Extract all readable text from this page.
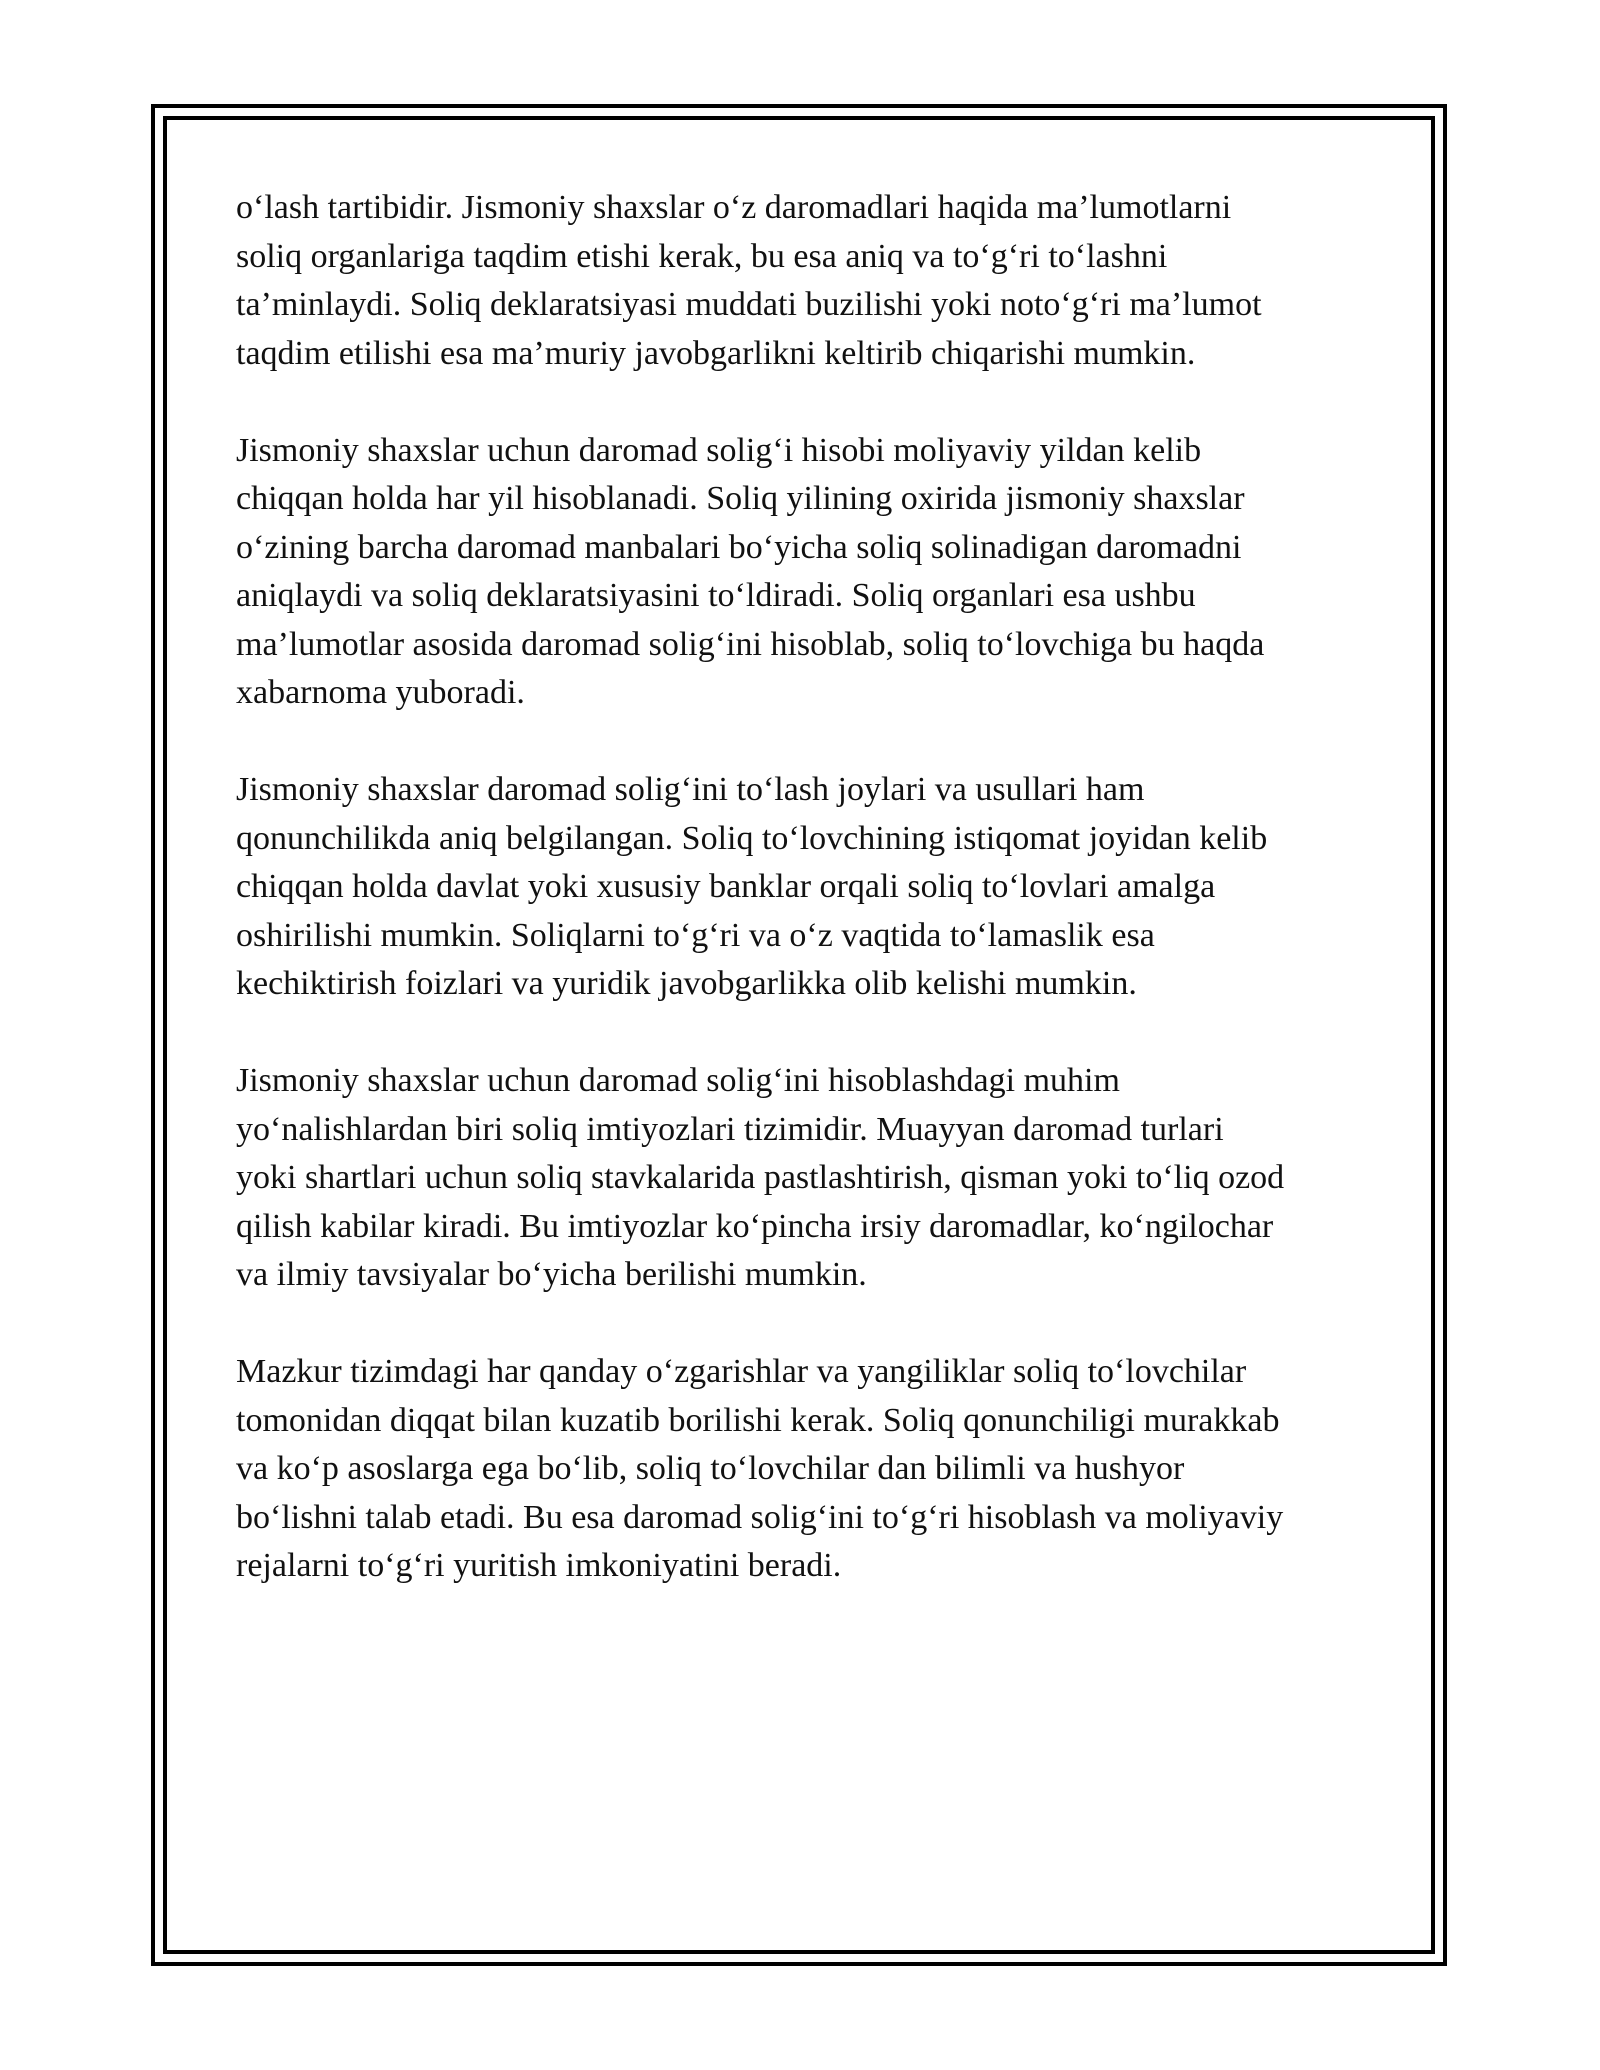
o‘lash tartibidir. Jismoniy shaxslar o‘z daromadlari haqida ma’lumotlarni
soliq organlariga taqdim etishi kerak, bu esa aniq va to‘g‘ri to‘lashni
ta’minlaydi. Soliq deklaratsiyasi muddati buzilishi yoki noto‘g‘ri ma’lumot
taqdim etilishi esa ma’muriy javobgarlikni keltirib chiqarishi mumkin.

Jismoniy shaxslar uchun daromad solig‘i hisobi moliyaviy yildan kelib
chiqqan holda har yil hisoblanadi. Soliq yilining oxirida jismoniy shaxslar
o‘zining barcha daromad manbalari bo‘yicha soliq solinadigan daromadni
aniqlaydi va soliq deklaratsiyasini to‘ldiradi. Soliq organlari esa ushbu
ma’lumotlar asosida daromad solig‘ini hisoblab, soliq to‘lovchiga bu haqda
xabarnoma yuboradi.

Jismoniy shaxslar daromad solig‘ini to‘lash joylari va usullari ham
qonunchilikda aniq belgilangan. Soliq to‘lovchining istiqomat joyidan kelib
chiqqan holda davlat yoki xususiy banklar orqali soliq to‘lovlari amalga
oshirilishi mumkin. Soliqlarni to‘g‘ri va o‘z vaqtida to‘lamaslik esa
kechiktirish foizlari va yuridik javobgarlikka olib kelishi mumkin.

Jismoniy shaxslar uchun daromad solig‘ini hisoblashdagi muhim
yo‘nalishlardan biri soliq imtiyozlari tizimidir. Muayyan daromad turlari
yoki shartlari uchun soliq stavkalarida pastlashtirish, qisman yoki to‘liq ozod
qilish kabilar kiradi. Bu imtiyozlar ko‘pincha irsiy daromadlar, ko‘ngilochar
va ilmiy tavsiyalar bo‘yicha berilishi mumkin.

Mazkur tizimdagi har qanday o‘zgarishlar va yangiliklar soliq to‘lovchilar
tomonidan diqqat bilan kuzatib borilishi kerak. Soliq qonunchiligi murakkab
va ko‘p asoslarga ega bo‘lib, soliq to‘lovchilar dan bilimli va hushyor
bo‘lishni talab etadi. Bu esa daromad solig‘ini to‘g‘ri hisoblash va moliyaviy
rejalarni to‘g‘ri yuritish imkoniyatini beradi.
